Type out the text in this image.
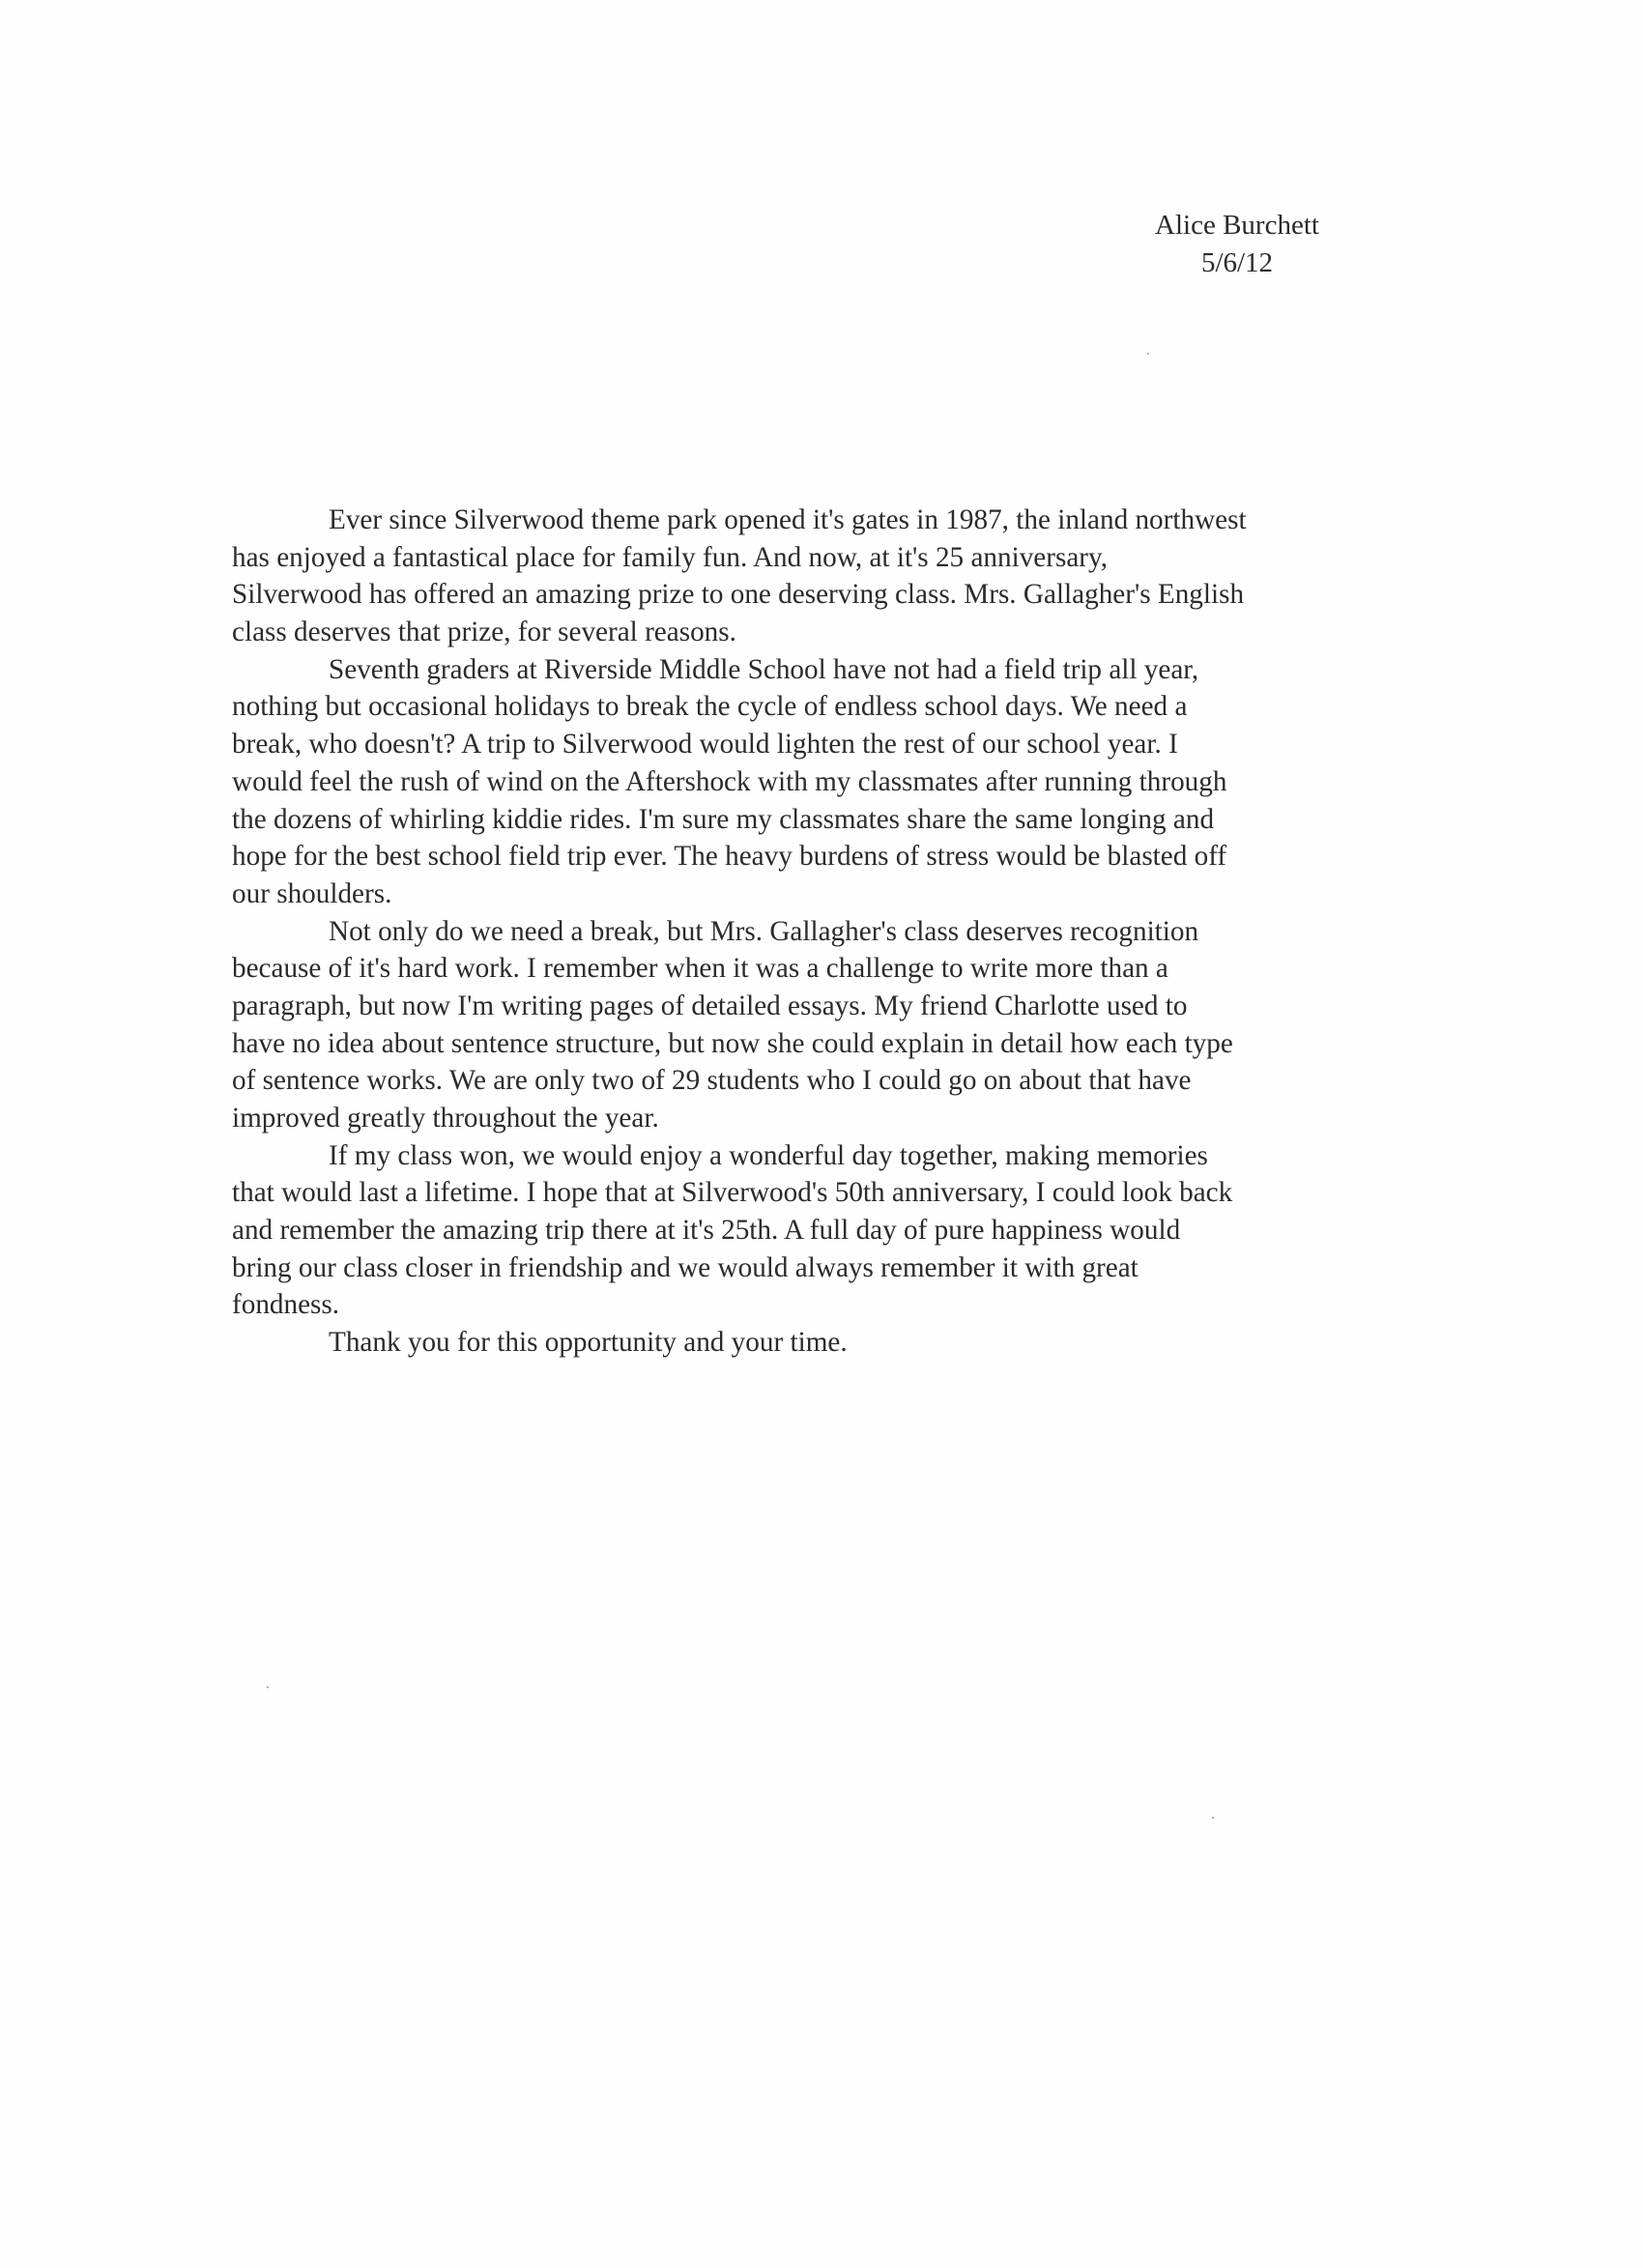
Alice Burchett
5/6/12
Ever since Silverwood theme park opened it's gates in 1987, the inland northwest
has enjoyed a fantastical place for family fun. And now, at it's 25 anniversary,
Silverwood has offered an amazing prize to one deserving class. Mrs. Gallagher's English
class deserves that prize, for several reasons.
Seventh graders at Riverside Middle School have not had a field trip all year,
nothing but occasional holidays to break the cycle of endless school days. We need a
break, who doesn't? A trip to Silverwood would lighten the rest of our school year. I
would feel the rush of wind on the Aftershock with my classmates after running through
the dozens of whirling kiddie rides. I'm sure my classmates share the same longing and
hope for the best school field trip ever. The heavy burdens of stress would be blasted off
our shoulders.
Not only do we need a break, but Mrs. Gallagher's class deserves recognition
because of it's hard work. I remember when it was a challenge to write more than a
paragraph, but now I'm writing pages of detailed essays. My friend Charlotte used to
have no idea about sentence structure, but now she could explain in detail how each type
of sentence works. We are only two of 29 students who I could go on about that have
improved greatly throughout the year.
If my class won, we would enjoy a wonderful day together, making memories
that would last a lifetime. I hope that at Silverwood's 50th anniversary, I could look back
and remember the amazing trip there at it's 25th. A full day of pure happiness would
bring our class closer in friendship and we would always remember it with great
fondness.
Thank you for this opportunity and your time.
